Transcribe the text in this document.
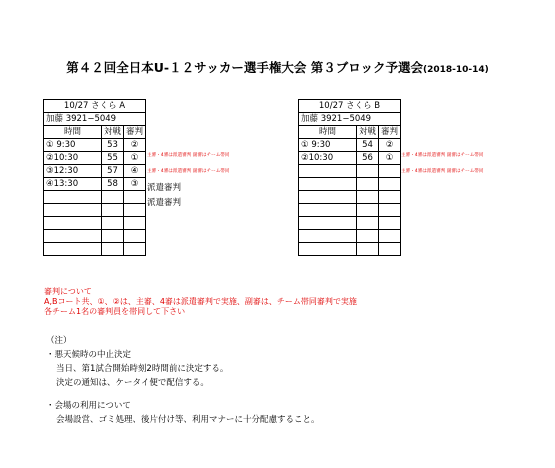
第４２回全日本U-１２サッカー選手権大会 第３ブロック予選会(2018-10-14)
10/27 さくら A		
加藤 3921−5049		
時間	対戦	審判
① 9:30	53	②
②10:30	55	①
③12:30	57	④
④13:30	58	③

主審・4審は派遣審判 副審はチーム帯同
主審・4審は派遣審判 副審はチーム帯同
派遣審判
派遣審判
10/27 さくら B		
加藤 3921−5049		
時間	対戦	審判
① 9:30	54	②
②10:30	56	①

		主審・4審は派遣審判 副審はチーム帯同
主審・4審は派遣審判 副審はチーム帯同
審判について
A,Bコート共、①、②は、主審、4審は派遣審判で実施、副審は、チーム帯同審判で実施
各チーム1名の審判員を帯同して下さい
（注）
・悪天候時の中止決定
当日、第1試合開始時刻2時間前に決定する。
決定の通知は、ケータイ便で配信する。
・会場の利用について
会場設営、ゴミ処理、後片付け等、利用マナーに十分配慮すること。
